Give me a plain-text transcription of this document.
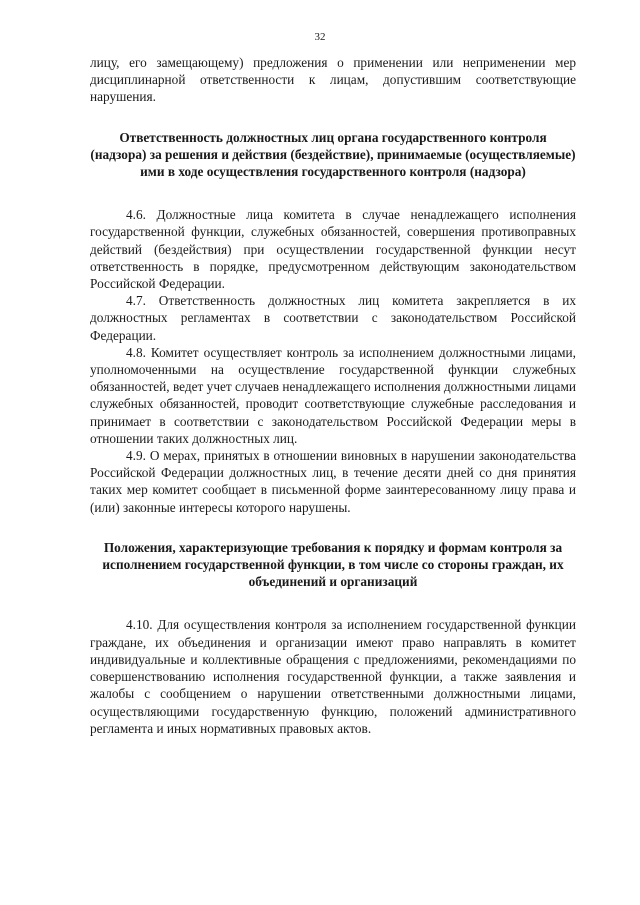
32

лицу, его замещающему) предложения о применении или неприменении мер дисциплинарной ответственности к лицам, допустившим соответствующие нарушения.

Ответственность должностных лиц органа государственного контроля (надзора) за решения и действия (бездействие), принимаемые (осуществляемые) ими в ходе осуществления государственного контроля (надзора)

4.6. Должностные лица комитета в случае ненадлежащего исполнения государственной функции, служебных обязанностей, совершения противоправных действий (бездействия) при осуществлении государственной функции несут ответственность в порядке, предусмотренном действующим законодательством Российской Федерации.

4.7. Ответственность должностных лиц комитета закрепляется в их должностных регламентах в соответствии с законодательством Российской Федерации.

4.8. Комитет осуществляет контроль за исполнением должностными лицами, уполномоченными на осуществление государственной функции служебных обязанностей, ведет учет случаев ненадлежащего исполнения должностными лицами служебных обязанностей, проводит соответствующие служебные расследования и принимает в соответствии с законодательством Российской Федерации меры в отношении таких должностных лиц.

4.9. О мерах, принятых в отношении виновных в нарушении законодательства Российской Федерации должностных лиц, в течение десяти дней со дня принятия таких мер комитет сообщает в письменной форме заинтересованному лицу права и (или) законные интересы которого нарушены.

Положения, характеризующие требования к порядку и формам контроля за исполнением государственной функции, в том числе со стороны граждан, их объединений и организаций

4.10. Для осуществления контроля за исполнением государственной функции граждане, их объединения и организации имеют право направлять в комитет индивидуальные и коллективные обращения с предложениями, рекомендациями по совершенствованию исполнения государственной функции, а также заявления и жалобы с сообщением о нарушении ответственными должностными лицами, осуществляющими государственную функцию, положений административного регламента и иных нормативных правовых актов.
